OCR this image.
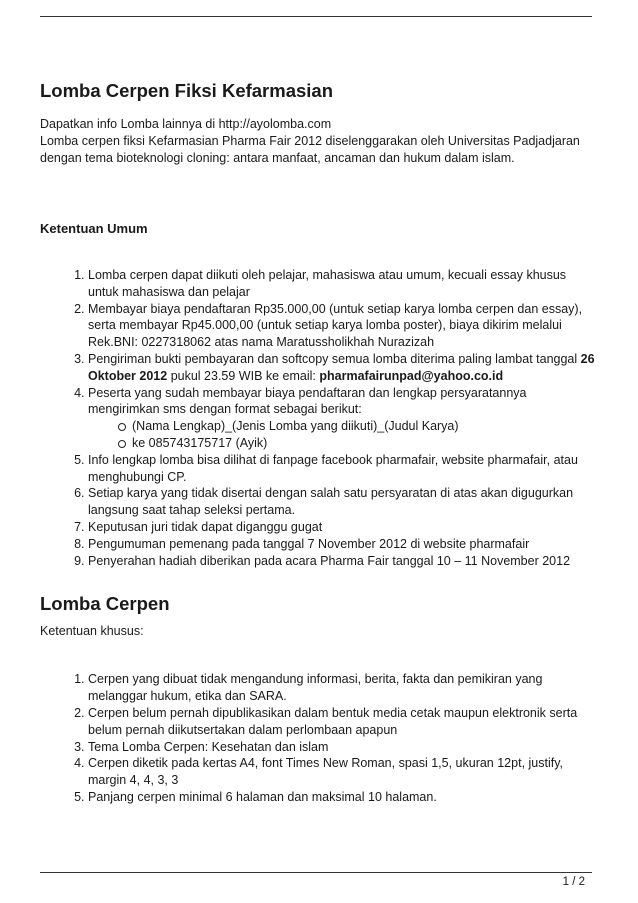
Lomba Cerpen Fiksi Kefarmasian

Dapatkan info Lomba lainnya di http://ayolomba.com
Lomba cerpen fiksi Kefarmasian Pharma Fair 2012 diselenggarakan oleh Universitas Padjadjaran dengan tema bioteknologi cloning: antara manfaat, ancaman dan hukum dalam islam.

Ketentuan Umum
1. Lomba cerpen dapat diikuti oleh pelajar, mahasiswa atau umum, kecuali essay khusus untuk mahasiswa dan pelajar
2. Membayar biaya pendaftaran Rp35.000,00 (untuk setiap karya lomba cerpen dan essay), serta membayar Rp45.000,00 (untuk setiap karya lomba poster), biaya dikirim melalui Rek.BNI: 0227318062 atas nama Maratussholikhah Nurazizah
3. Pengiriman bukti pembayaran dan softcopy semua lomba diterima paling lambat tanggal 26 Oktober 2012 pukul 23.59 WIB ke email: pharmafairunpad@yahoo.co.id
4. Peserta yang sudah membayar biaya pendaftaran dan lengkap persyaratannya mengirimkan sms dengan format sebagai berikut:
(Nama Lengkap)_(Jenis Lomba yang diikuti)_(Judul Karya)
ke 085743175717 (Ayik)
5. Info lengkap lomba bisa dilihat di fanpage facebook pharmafair, website pharmafair, atau menghubungi CP.
6. Setiap karya yang tidak disertai dengan salah satu persyaratan di atas akan digugurkan langsung saat tahap seleksi pertama.
7. Keputusan juri tidak dapat diganggu gugat
8. Pengumuman pemenang pada tanggal 7 November 2012 di website pharmafair
9. Penyerahan hadiah diberikan pada acara Pharma Fair tanggal 10 – 11 November 2012
Lomba Cerpen

Ketentuan khusus:

1. Cerpen yang dibuat tidak mengandung informasi, berita, fakta dan pemikiran yang melanggar hukum, etika dan SARA.
2. Cerpen belum pernah dipublikasikan dalam bentuk media cetak maupun elektronik serta belum pernah diikutsertakan dalam perlombaan apapun
3. Tema Lomba Cerpen: Kesehatan dan islam
4. Cerpen diketik pada kertas A4, font Times New Roman, spasi 1,5, ukuran 12pt, justify, margin 4, 4, 3, 3
5. Panjang cerpen minimal 6 halaman dan maksimal 10 halaman.
1 / 2
